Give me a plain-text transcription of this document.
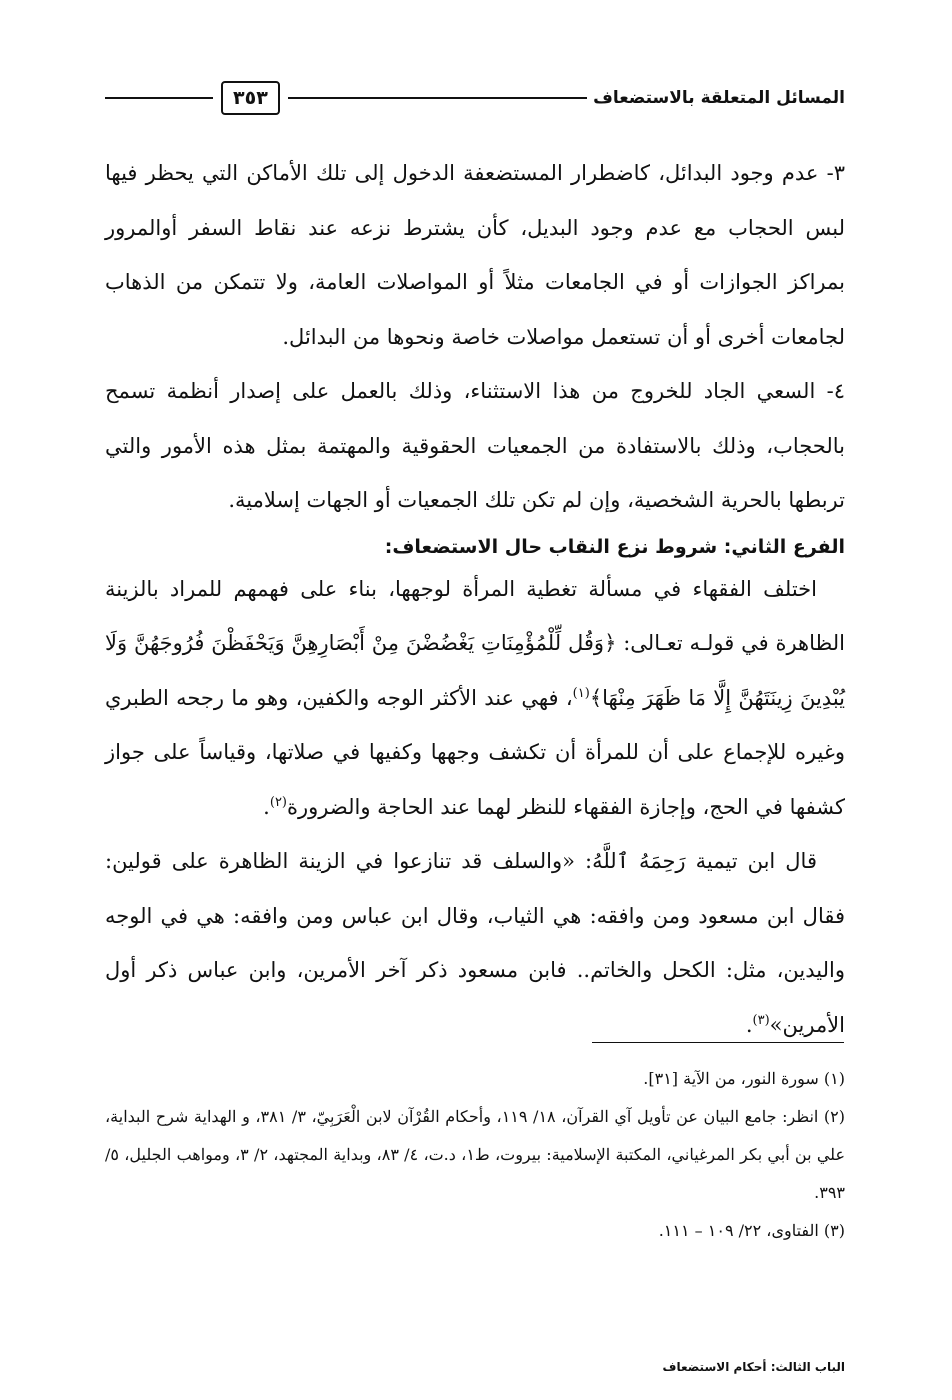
المسائل المتعلقة بالاستضعاف
٣٥٣

٣- عدم وجود البدائل، كاضطرار المستضعفة الدخول إلى تلك الأماكن التي يحظر فيها لبس الحجاب مع عدم وجود البديل، كأن يشترط نزعه عند نقاط السفر أوالمرور بمراكز الجوازات أو في الجامعات مثلاً أو المواصلات العامة، ولا تتمكن من الذهاب لجامعات أخرى أو أن تستعمل مواصلات خاصة ونحوها من البدائل.

٤- السعي الجاد للخروج من هذا الاستثناء، وذلك بالعمل على إصدار أنظمة تسمح بالحجاب، وذلك بالاستفادة من الجمعيات الحقوقية والمهتمة بمثل هذه الأمور والتي تربطها بالحرية الشخصية، وإن لم تكن تلك الجمعيات أو الجهات إسلامية.

الفرع الثاني: شروط نزع النقاب حال الاستضعاف:

اختلف الفقهاء في مسألة تغطية المرأة لوجهها، بناء على فهمهم للمراد بالزينة الظاهرة في قولـه تعـالى: ﴿وَقُل لِّلْمُؤْمِنَاتِ يَغْضُضْنَ مِنْ أَبْصَارِهِنَّ وَيَحْفَظْنَ فُرُوجَهُنَّ وَلَا يُبْدِينَ زِينَتَهُنَّ إِلَّا مَا ظَهَرَ مِنْهَا﴾$^{(١)}$، فهي عند الأكثر الوجه والكفين، وهو ما رجحه الطبري وغيره للإجماع على أن للمرأة أن تكشف وجهها وكفيها في صلاتها، وقياساً على جواز كشفها في الحج، وإجازة الفقهاء للنظر لهما عند الحاجة والضرورة$^{(٢)}$.

قال ابن تيمية رَحِمَهُ ٱللَّهُ: «والسلف قد تنازعوا في الزينة الظاهرة على قولين: فقال ابن مسعود ومن وافقه: هي الثياب، وقال ابن عباس ومن وافقه: هي في الوجه واليدين، مثل: الكحل والخاتم.. فابن مسعود ذكر آخر الأمرين، وابن عباس ذكر أول الأمرين»$^{(٣)}$.

(١) سورة النور، من الآية [٣١].

(٢) انظر: جامع البيان عن تأويل آي القرآن، ١٨/ ١١٩، وأحكام القُرْآن لابن الْعَرَبِيّ، ٣/ ٣٨١، و الهداية شرح البداية، علي بن أبي بكر المرغياني، المكتبة الإسلامية: بيروت، ط١، د.ت، ٤/ ٨٣، وبداية المجتهد، ٢/ ٣، ومواهب الجليل، ٥/ ٣٩٣.

(٣) الفتاوى، ٢٢/ ١٠٩ – ١١١.

الباب الثالث: أحكام الاستضعاف
